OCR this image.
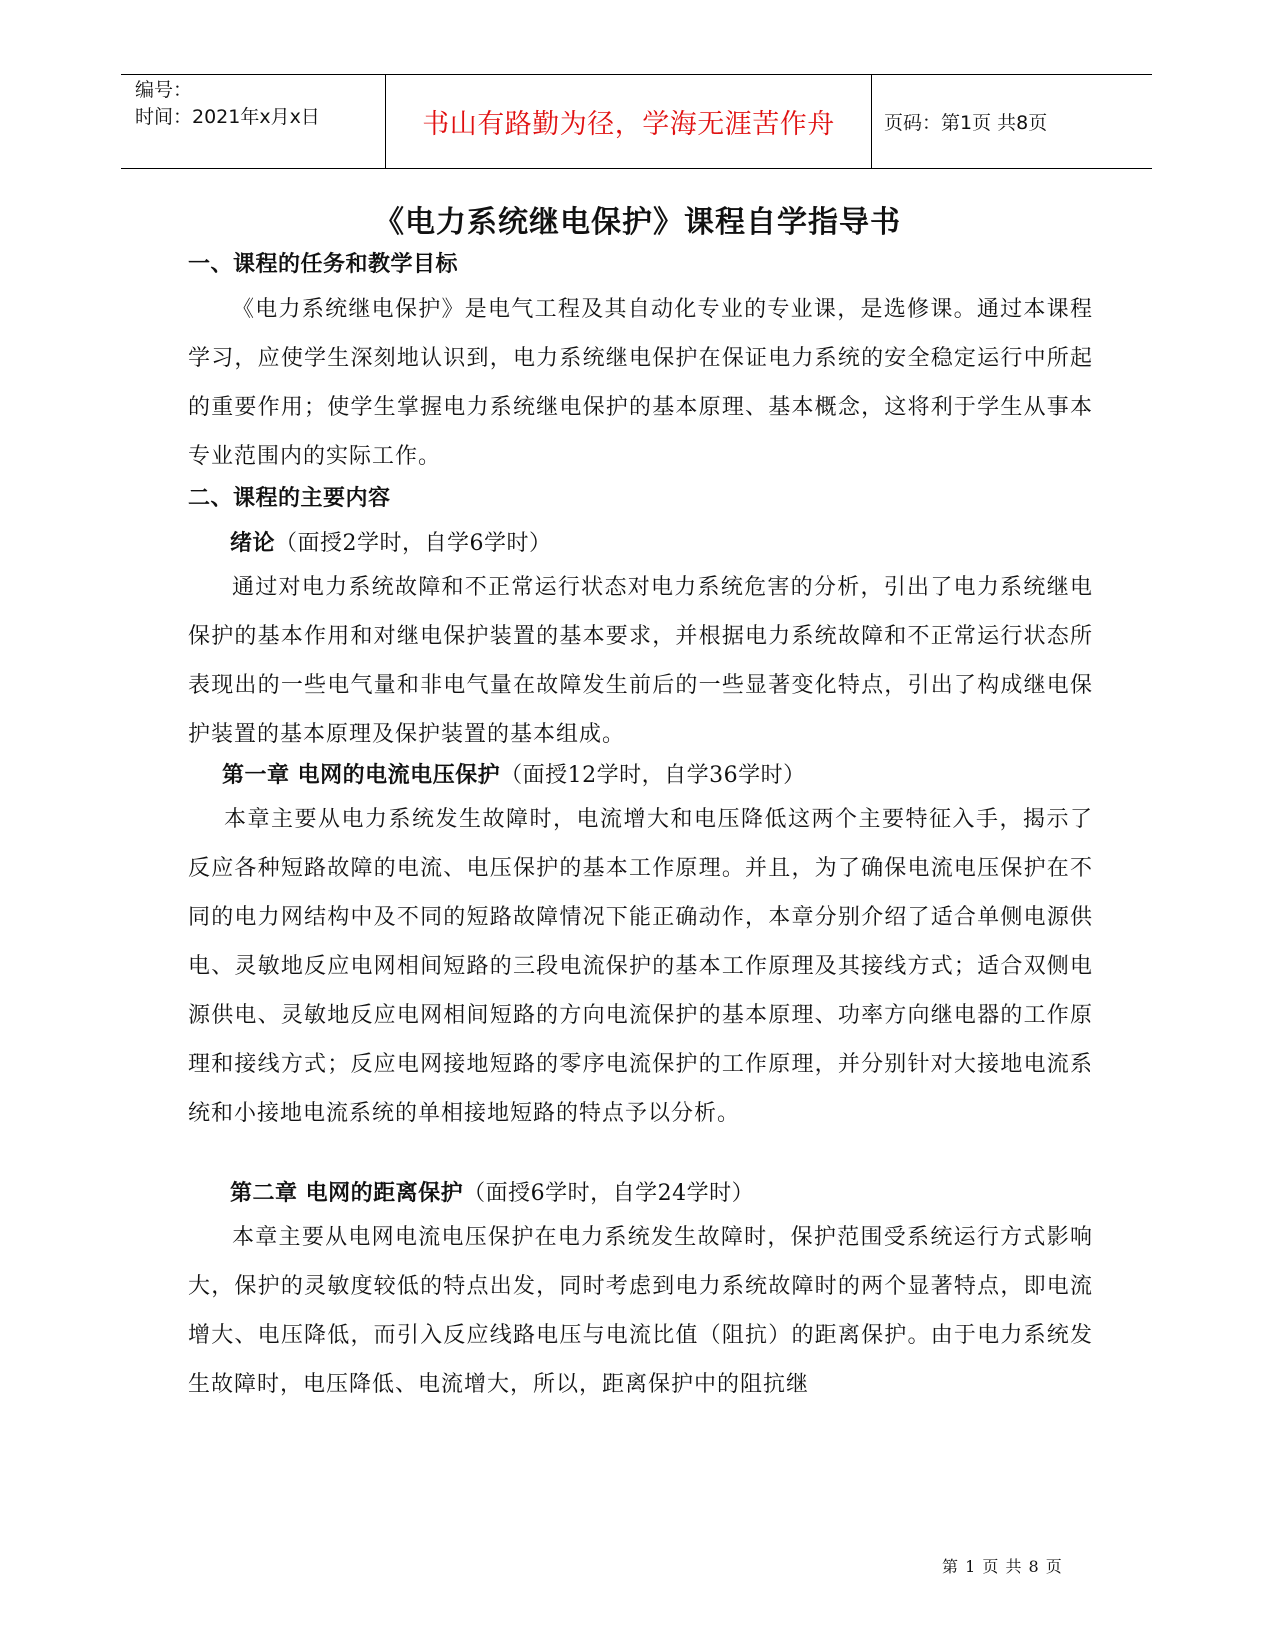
编号：
时间：2021年x月x日	书山有路勤为径，学海无涯苦作舟	页码：第1页 共8页
《电力系统继电保护》课程自学指导书
一、课程的任务和教学目标

《电力系统继电保护》是电气工程及其自动化专业的专业课，是选修课。通过本课程学习，应使学生深刻地认识到，电力系统继电保护在保证电力系统的安全稳定运行中所起的重要作用；使学生掌握电力系统继电保护的基本原理、基本概念，这将利于学生从事本专业范围内的实际工作。

二、课程的主要内容

绪论（面授2学时，自学6学时）

通过对电力系统故障和不正常运行状态对电力系统危害的分析，引出了电力系统继电保护的基本作用和对继电保护装置的基本要求，并根据电力系统故障和不正常运行状态所表现出的一些电气量和非电气量在故障发生前后的一些显著变化特点，引出了构成继电保护装置的基本原理及保护装置的基本组成。

第一章 电网的电流电压保护（面授12学时，自学36学时）

本章主要从电力系统发生故障时，电流增大和电压降低这两个主要特征入手，揭示了反应各种短路故障的电流、电压保护的基本工作原理。并且，为了确保电流电压保护在不同的电力网结构中及不同的短路故障情况下能正确动作，本章分别介绍了适合单侧电源供电、灵敏地反应电网相间短路的三段电流保护的基本工作原理及其接线方式；适合双侧电源供电、灵敏地反应电网相间短路的方向电流保护的基本原理、功率方向继电器的工作原理和接线方式；反应电网接地短路的零序电流保护的工作原理，并分别针对大接地电流系统和小接地电流系统的单相接地短路的特点予以分析。

第二章 电网的距离保护（面授6学时，自学24学时）

本章主要从电网电流电压保护在电力系统发生故障时，保护范围受系统运行方式影响大，保护的灵敏度较低的特点出发，同时考虑到电力系统故障时的两个显著特点，即电流增大、电压降低，而引入反应线路电压与电流比值（阻抗）的距离保护。由于电力系统发生故障时，电压降低、电流增大，所以，距离保护中的阻抗继

第 1 页 共 8 页
